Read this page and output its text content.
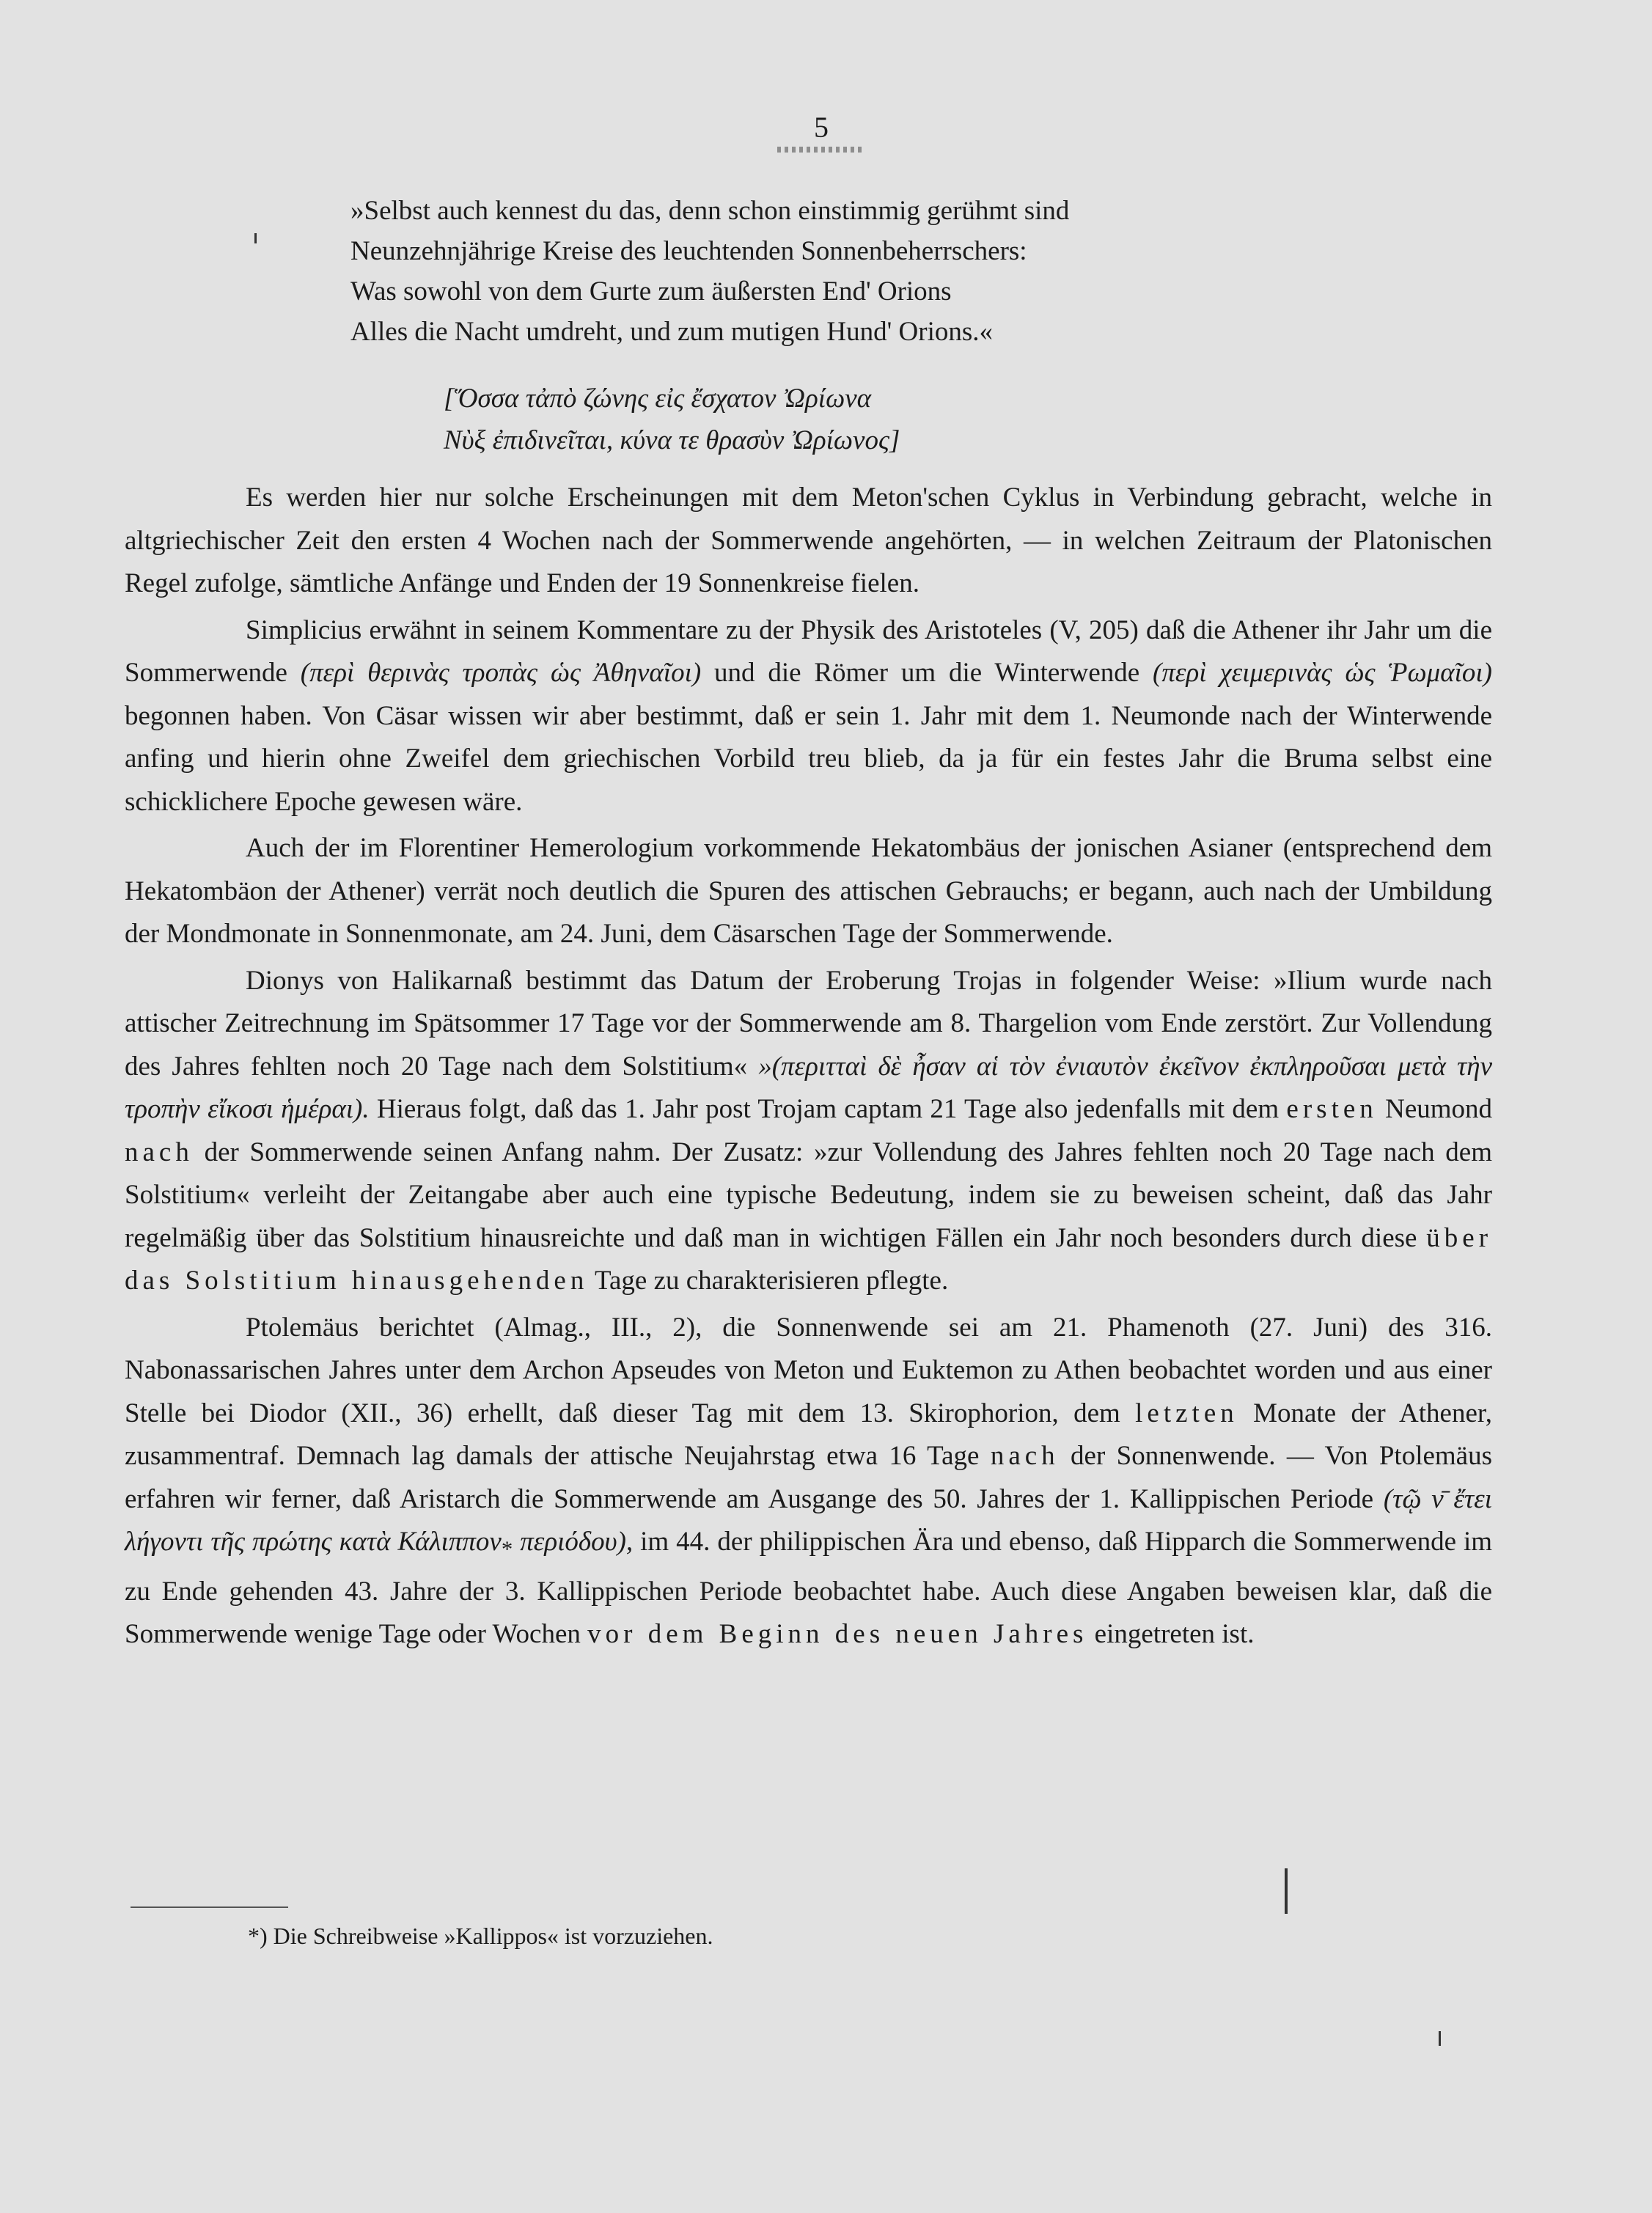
5
»Selbst auch kennest du das, denn schon einstimmig gerühmt sind
Neunzehnjährige Kreise des leuchtenden Sonnenbeherrschers:
Was sowohl von dem Gurte zum äußersten End' Orions
Alles die Nacht umdreht, und zum mutigen Hund' Orions.«
[Ὅσσα τἀπὸ ζώνης εἰς ἔσχατον Ὠρίωνα
Νὺξ ἐπιδινεῖται, κύνα τε θρασὺν Ὠρίωνος]

Es werden hier nur solche Erscheinungen mit dem Meton'schen Cyklus in Verbindung gebracht, welche in altgriechischer Zeit den ersten 4 Wochen nach der Sommerwende angehörten, — in welchen Zeitraum der Platonischen Regel zufolge, sämtliche Anfänge und Enden der 19 Sonnenkreise fielen.

Simplicius erwähnt in seinem Kommentare zu der Physik des Aristoteles (V, 205) daß die Athener ihr Jahr um die Sommerwende (περὶ θερινὰς τροπὰς ὡς Ἀθηναῖοι) und die Römer um die Winterwende (περὶ χειμερινὰς ὡς Ῥωμαῖοι) begonnen haben. Von Cäsar wissen wir aber bestimmt, daß er sein 1. Jahr mit dem 1. Neumonde nach der Winterwende anfing und hierin ohne Zweifel dem griechischen Vorbild treu blieb, da ja für ein festes Jahr die Bruma selbst eine schicklichere Epoche gewesen wäre.

Auch der im Florentiner Hemerologium vorkommende Hekatombäus der jonischen Asianer (entsprechend dem Hekatombäon der Athener) verrät noch deutlich die Spuren des attischen Gebrauchs; er begann, auch nach der Umbildung der Mondmonate in Sonnenmonate, am 24. Juni, dem Cäsarschen Tage der Sommerwende.

Dionys von Halikarnaß bestimmt das Datum der Eroberung Trojas in folgender Weise: »Ilium wurde nach attischer Zeitrechnung im Spätsommer 17 Tage vor der Sommerwende am 8. Thargelion vom Ende zerstört. Zur Vollendung des Jahres fehlten noch 20 Tage nach dem Solstitium« »(περιτταὶ δὲ ἦσαν αἱ τὸν ἐνιαυτὸν ἐκεῖνον ἐκπληροῦσαι μετὰ τὴν τροπὴν εἴκοσι ἡμέραι). Hieraus folgt, daß das 1. Jahr post Trojam captam 21 Tage also jedenfalls mit dem ersten Neumond nach der Sommerwende seinen Anfang nahm. Der Zusatz: »zur Vollendung des Jahres fehlten noch 20 Tage nach dem Solstitium« verleiht der Zeitangabe aber auch eine typische Bedeutung, indem sie zu beweisen scheint, daß das Jahr regelmäßig über das Solstitium hinausreichte und daß man in wichtigen Fällen ein Jahr noch besonders durch diese über das Solstitium hinausgehenden Tage zu charakterisieren pflegte.

Ptolemäus berichtet (Almag., III., 2), die Sonnenwende sei am 21. Phamenoth (27. Juni) des 316. Nabonassarischen Jahres unter dem Archon Apseudes von Meton und Euktemon zu Athen beobachtet worden und aus einer Stelle bei Diodor (XII., 36) erhellt, daß dieser Tag mit dem 13. Skirophorion, dem letzten Monate der Athener, zusammentraf. Demnach lag damals der attische Neujahrstag etwa 16 Tage nach der Sonnenwende. — Von Ptolemäus erfahren wir ferner, daß Aristarch die Sommerwende am Ausgange des 50. Jahres der 1. Kallippischen Periode (τῷ ν̄ ἔτει λήγοντι τῆς πρώτης κατὰ Κάλιππον$_*$ περιόδου), im 44. der philippischen Ära und ebenso, daß Hipparch die Sommerwende im zu Ende gehenden 43. Jahre der 3. Kallippischen Periode beobachtet habe. Auch diese Angaben beweisen klar, daß die Sommerwende wenige Tage oder Wochen vor dem Beginn des neuen Jahres eingetreten ist.

*) Die Schreibweise »Kallippos« ist vorzuziehen.
